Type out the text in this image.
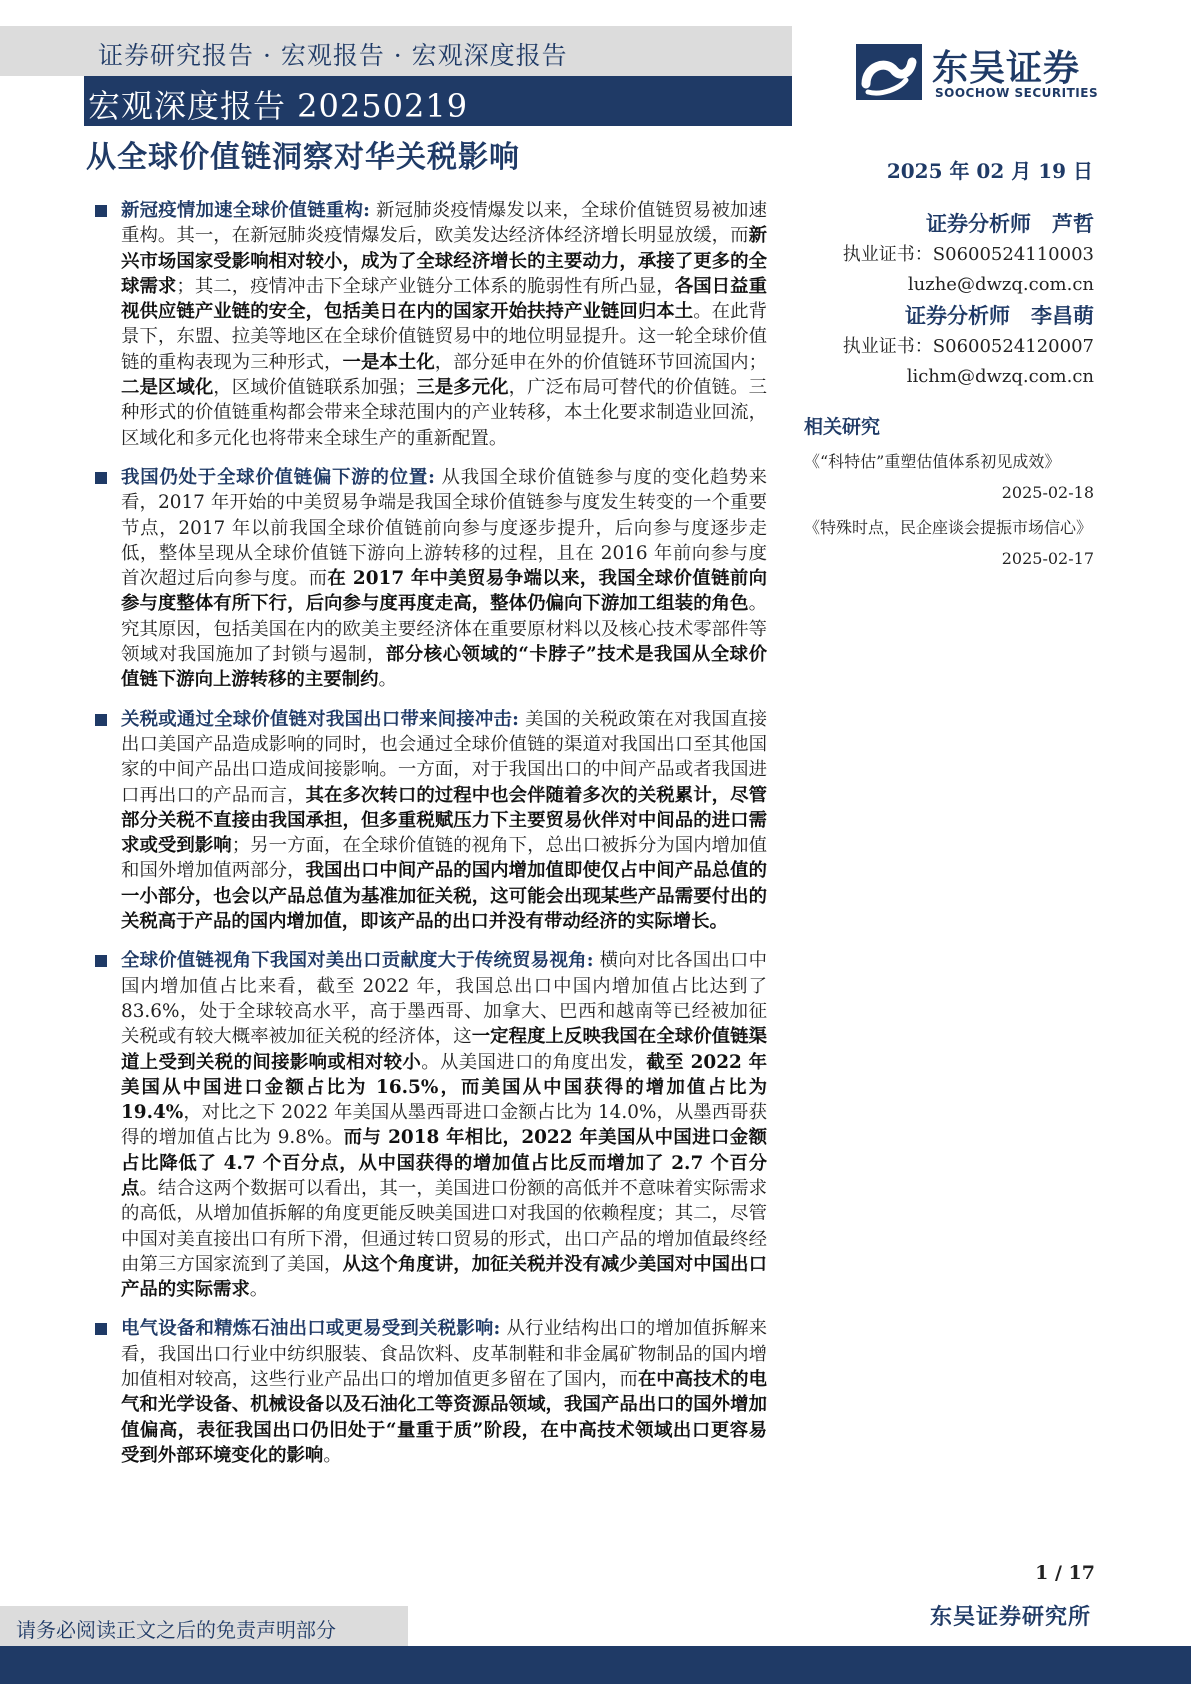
证券研究报告 · 宏观报告 · 宏观深度报告
宏观深度报告 20250219
从全球价值链洞察对华关税影响
东吴证券
SOOCHOW SECURITIES
2025 年 02 月 19 日
证券分析师　芦哲
执业证书：S0600524110003
luzhe@dwzq.com.cn
证券分析师　李昌萌
执业证书：S0600524120007
lichm@dwzq.com.cn
相关研究
《“科特估”重塑估值体系初见成效》
2025-02-18
《特殊时点，民企座谈会提振市场信心》
2025-02-17
新冠疫情加速全球价值链重构: 新冠肺炎疫情爆发以来，全球价值链贸易被加速重构。其一，在新冠肺炎疫情爆发后，欧美发达经济体经济增长明显放缓，而新兴市场国家受影响相对较小，成为了全球经济增长的主要动力，承接了更多的全球需求；其二，疫情冲击下全球产业链分工体系的脆弱性有所凸显，各国日益重视供应链产业链的安全，包括美日在内的国家开始扶持产业链回归本土。在此背景下，东盟、拉美等地区在全球价值链贸易中的地位明显提升。这一轮全球价值链的重构表现为三种形式，一是本土化，部分延申在外的价值链环节回流国内；二是区域化，区域价值链联系加强；三是多元化，广泛布局可替代的价值链。三种形式的价值链重构都会带来全球范围内的产业转移，本土化要求制造业回流，区域化和多元化也将带来全球生产的重新配置。
我国仍处于全球价值链偏下游的位置: 从我国全球价值链参与度的变化趋势来看，2017 年开始的中美贸易争端是我国全球价值链参与度发生转变的一个重要节点，2017 年以前我国全球价值链前向参与度逐步提升，后向参与度逐步走低，整体呈现从全球价值链下游向上游转移的过程，且在 2016 年前向参与度首次超过后向参与度。而在 2017 年中美贸易争端以来，我国全球价值链前向参与度整体有所下行，后向参与度再度走高，整体仍偏向下游加工组装的角色。究其原因，包括美国在内的欧美主要经济体在重要原材料以及核心技术零部件等领域对我国施加了封锁与遏制，部分核心领域的“卡脖子”技术是我国从全球价值链下游向上游转移的主要制约。
关税或通过全球价值链对我国出口带来间接冲击: 美国的关税政策在对我国直接出口美国产品造成影响的同时，也会通过全球价值链的渠道对我国出口至其他国家的中间产品出口造成间接影响。一方面，对于我国出口的中间产品或者我国进口再出口的产品而言，其在多次转口的过程中也会伴随着多次的关税累计，尽管部分关税不直接由我国承担，但多重税赋压力下主要贸易伙伴对中间品的进口需求或受到影响；另一方面，在全球价值链的视角下，总出口被拆分为国内增加值和国外增加值两部分，我国出口中间产品的国内增加值即使仅占中间产品总值的一小部分，也会以产品总值为基准加征关税，这可能会出现某些产品需要付出的关税高于产品的国内增加值，即该产品的出口并没有带动经济的实际增长。
全球价值链视角下我国对美出口贡献度大于传统贸易视角: 横向对比各国出口中国内增加值占比来看，截至 2022 年，我国总出口中国内增加值占比达到了 83.6%，处于全球较高水平，高于墨西哥、加拿大、巴西和越南等已经被加征关税或有较大概率被加征关税的经济体，这一定程度上反映我国在全球价值链渠道上受到关税的间接影响或相对较小。从美国进口的角度出发，截至 2022 年美国从中国进口金额占比为 16.5%，而美国从中国获得的增加值占比为 19.4%，对比之下 2022 年美国从墨西哥进口金额占比为 14.0%，从墨西哥获得的增加值占比为 9.8%。而与 2018 年相比，2022 年美国从中国进口金额占比降低了 4.7 个百分点，从中国获得的增加值占比反而增加了 2.7 个百分点。结合这两个数据可以看出，其一，美国进口份额的高低并不意味着实际需求的高低，从增加值拆解的角度更能反映美国进口对我国的依赖程度；其二，尽管中国对美直接出口有所下滑，但通过转口贸易的形式，出口产品的增加值最终经由第三方国家流到了美国，从这个角度讲，加征关税并没有减少美国对中国出口产品的实际需求。
电气设备和精炼石油出口或更易受到关税影响: 从行业结构出口的增加值拆解来看，我国出口行业中纺织服装、食品饮料、皮革制鞋和非金属矿物制品的国内增加值相对较高，这些行业产品出口的增加值更多留在了国内，而在中高技术的电气和光学设备、机械设备以及石油化工等资源品领域，我国产品出口的国外增加值偏高，表征我国出口仍旧处于“量重于质”阶段，在中高技术领域出口更容易受到外部环境变化的影响。
1 / 17
请务必阅读正文之后的免责声明部分	东吴证券研究所
